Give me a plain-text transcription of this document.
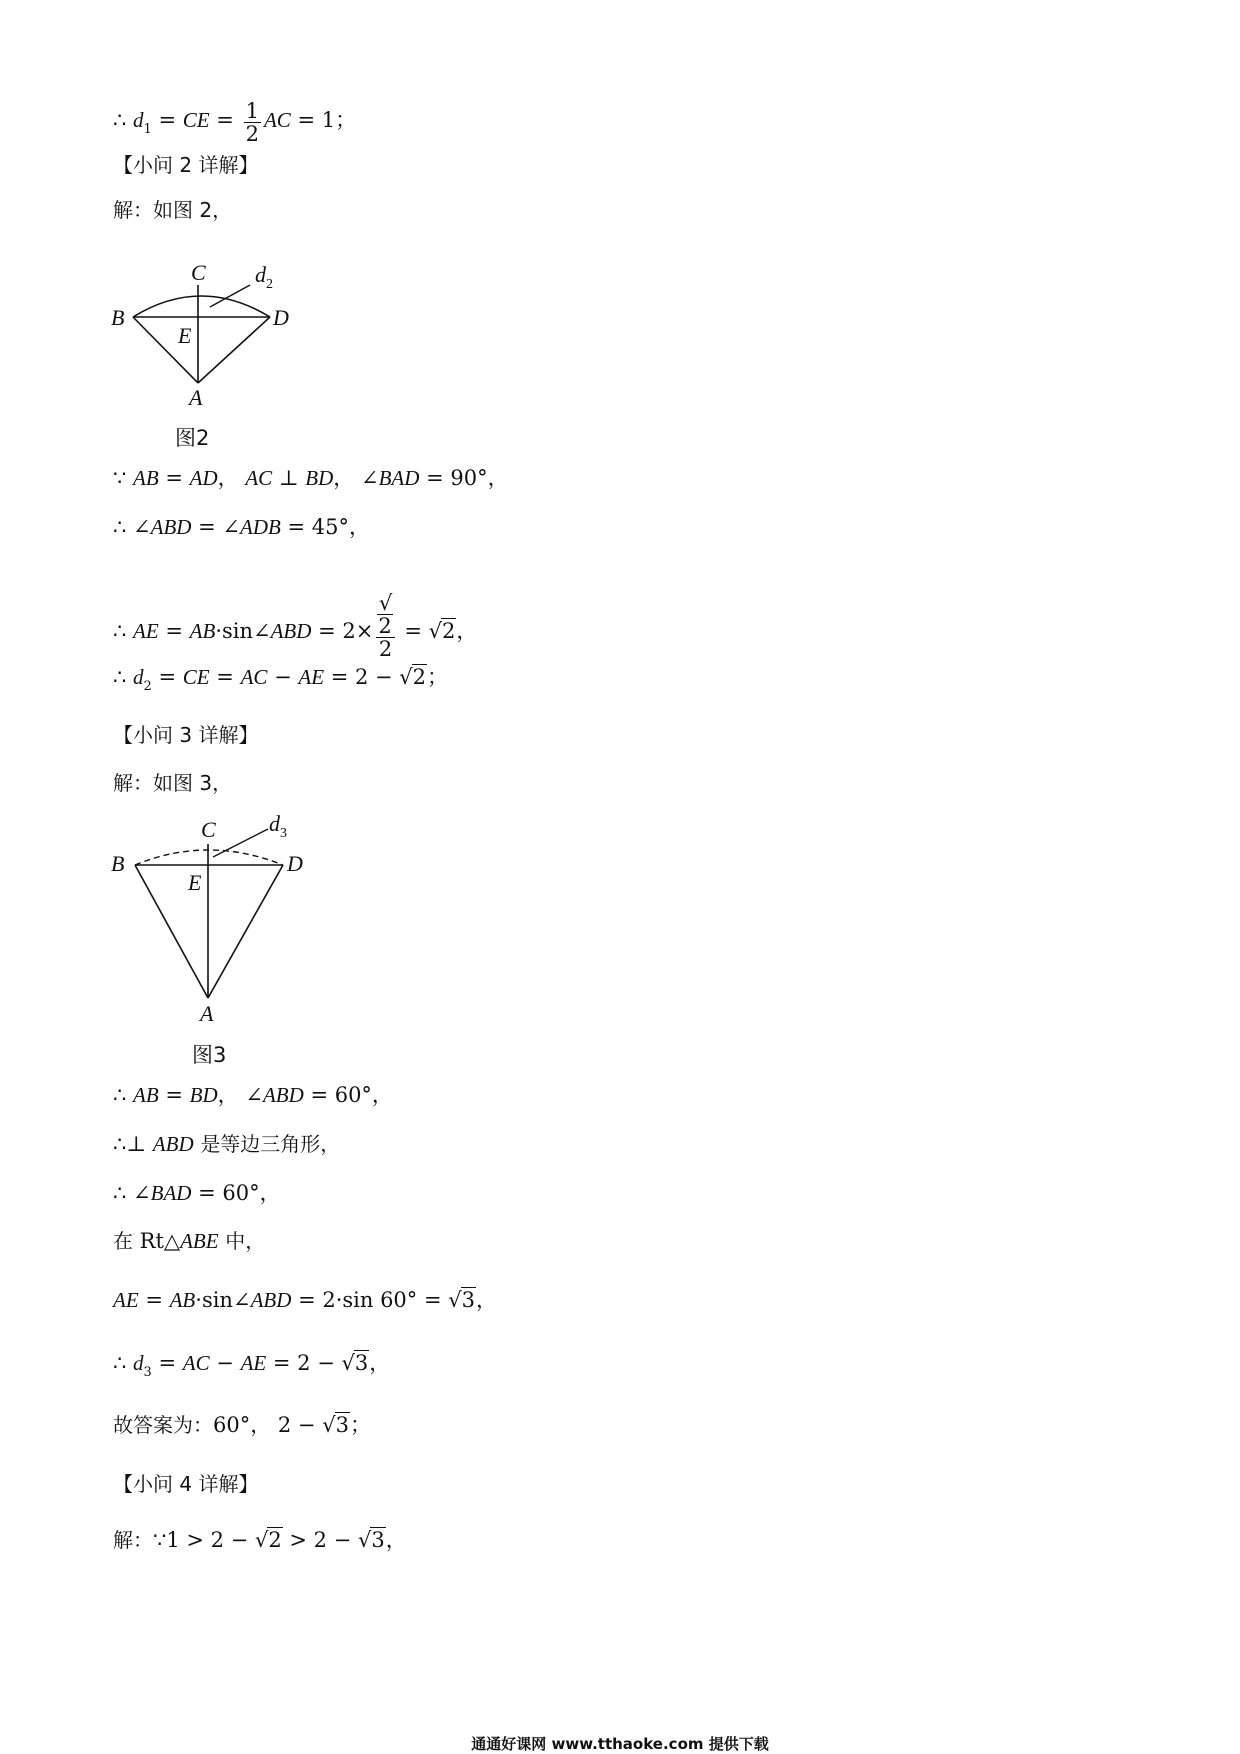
∴ $d_1$ = CE = $\frac{1}{2}$ AC = 1；
【小问 2 详解】
解：如图 2，
C $d_2$
B	D
E
A
图2
∵ AB = AD， AC ⊥ BD， ∠BAD = 90°，
∴ ∠ABD = ∠ADB = 45°，
∴ AE = AB·sin∠ABD = 2× √
2
2 = √2，
∴ $d_2$ = CE = AC − AE = 2 − √2；
【小问 3 详解】
解：如图 3，
C $d_3$
B	D
E
A
图3
∴ AB = BD， ∠ABD = 60°，
∴⊥ ABD 是等边三角形，
∴ ∠BAD = 60°，
在 Rt△ABE 中，
AE = AB·sin∠ABD = 2·sin 60° = √3，
∴ $d_3$ = AC − AE = 2 − √3，
故答案为：60°， 2 − √3；
【小问 4 详解】
解：∵1 > 2 − √2 > 2 − √3，
通通好课网 www.tthaoke.com 提供下载
